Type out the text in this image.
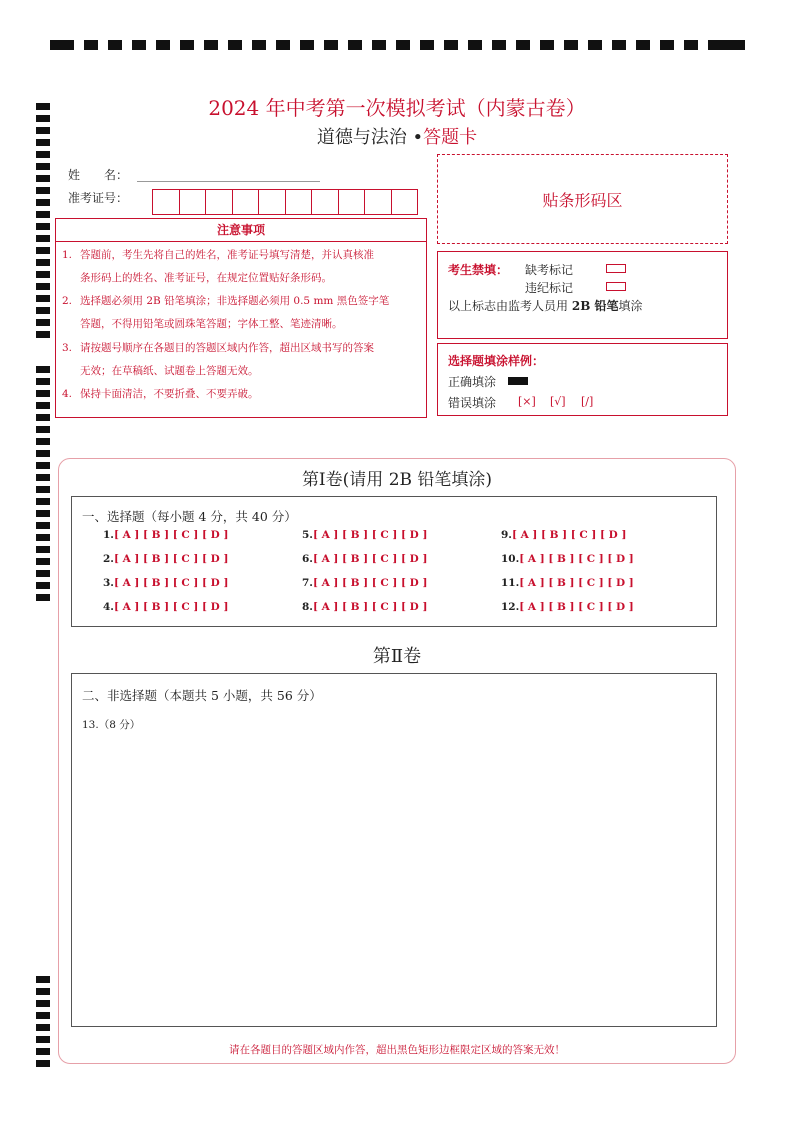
2024 年中考第一次模拟考试（内蒙古卷）
道德与法治 •答题卡
姓　　名：
准考证号：	贴条形码区
注意事项
1. 答题前，考生先将自己的姓名，准考证号填写清楚，并认真核准
条形码上的姓名、准考证号，在规定位置贴好条形码。
2. 选择题必须用 2B 铅笔填涂；非选择题必须用 0.5 mm 黑色签字笔
答题，不得用铅笔或圆珠笔答题；字体工整、笔迹清晰。
3. 请按题号顺序在各题目的答题区域内作答，超出区域书写的答案
无效；在草稿纸、试题卷上答题无效。
4. 保持卡面清洁，不要折叠、不要弄破。
考生禁填： 缺考标记
违纪标记
以上标志由监考人员用 2B 铅笔填涂
选择题填涂样例：
正确填涂
错误填涂 [×] [√] [/]
第Ⅰ卷(请用 2B 铅笔填涂)
一、选择题（每小题 4 分，共 40 分）
1.[ A ] [ B ] [ C ] [ D ]
2.[ A ] [ B ] [ C ] [ D ]
3.[ A ] [ B ] [ C ] [ D ]
4.[ A ] [ B ] [ C ] [ D ]
5.[ A ] [ B ] [ C ] [ D ]
6.[ A ] [ B ] [ C ] [ D ]
7.[ A ] [ B ] [ C ] [ D ]
8.[ A ] [ B ] [ C ] [ D ]
9.[ A ] [ B ] [ C ] [ D ]
10.[ A ] [ B ] [ C ] [ D ]
11.[ A ] [ B ] [ C ] [ D ]
12.[ A ] [ B ] [ C ] [ D ]
第Ⅱ卷
二、非选择题（本题共 5 小题，共 56 分）
13.（8 分）
请在各题目的答题区域内作答，超出黑色矩形边框限定区域的答案无效！
